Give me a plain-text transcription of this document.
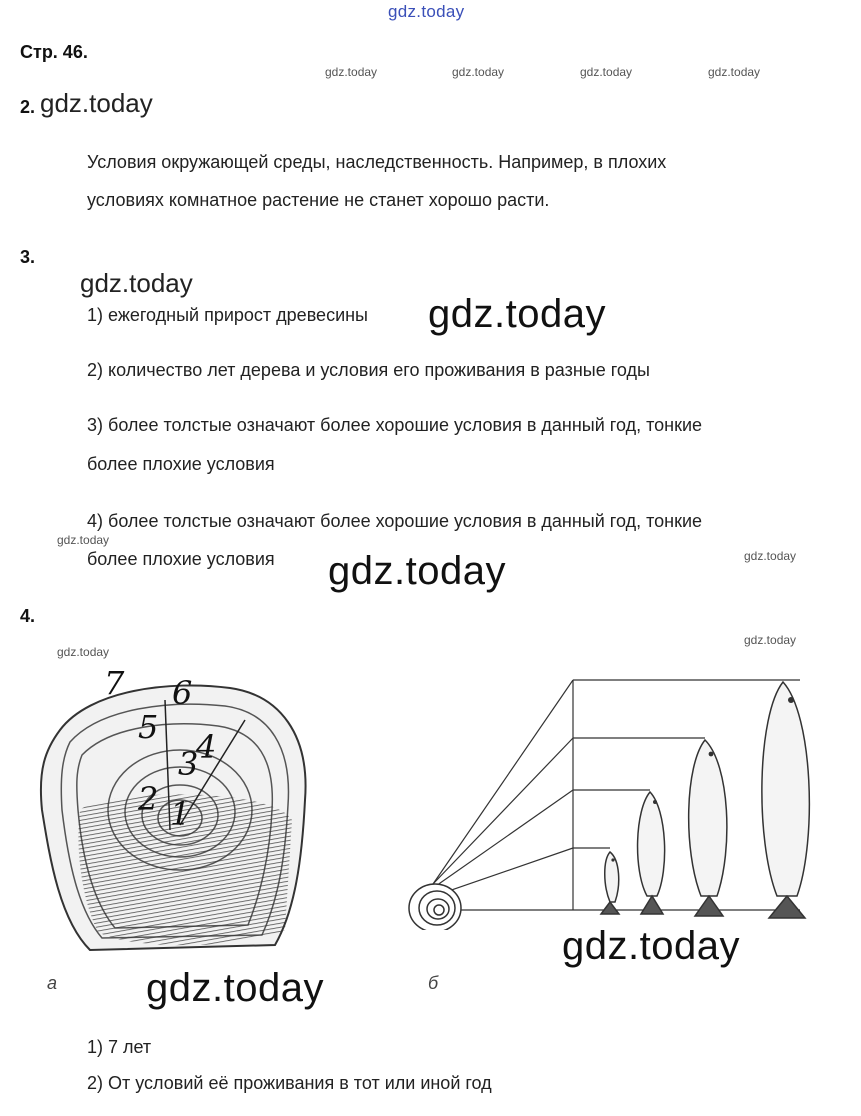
gdz.today
gdz.today	gdz.today	gdz.today	gdz.today
Стр. 46.
2. gdz.today
Условия окружающей среды, наследственность. Например, в плохих
условиях комнатное растение не станет хорошо расти.
3.
gdz.today
1) ежегодный прирост древесины gdz.today
2) количество лет дерева и условия его проживания в разные годы
3) более толстые означают более хорошие условия в данный год, тонкие
более плохие условия
4) более толстые означают более хорошие условия в данный год, тонкие
gdz.today
более плохие условия gdz.today	gdz.today
4.
gdz.today
gdz.today
1
2
3
4
5
6
7
а gdz.today	б
gdz.today
1) 7 лет
2) От условий её проживания в тот или иной год
